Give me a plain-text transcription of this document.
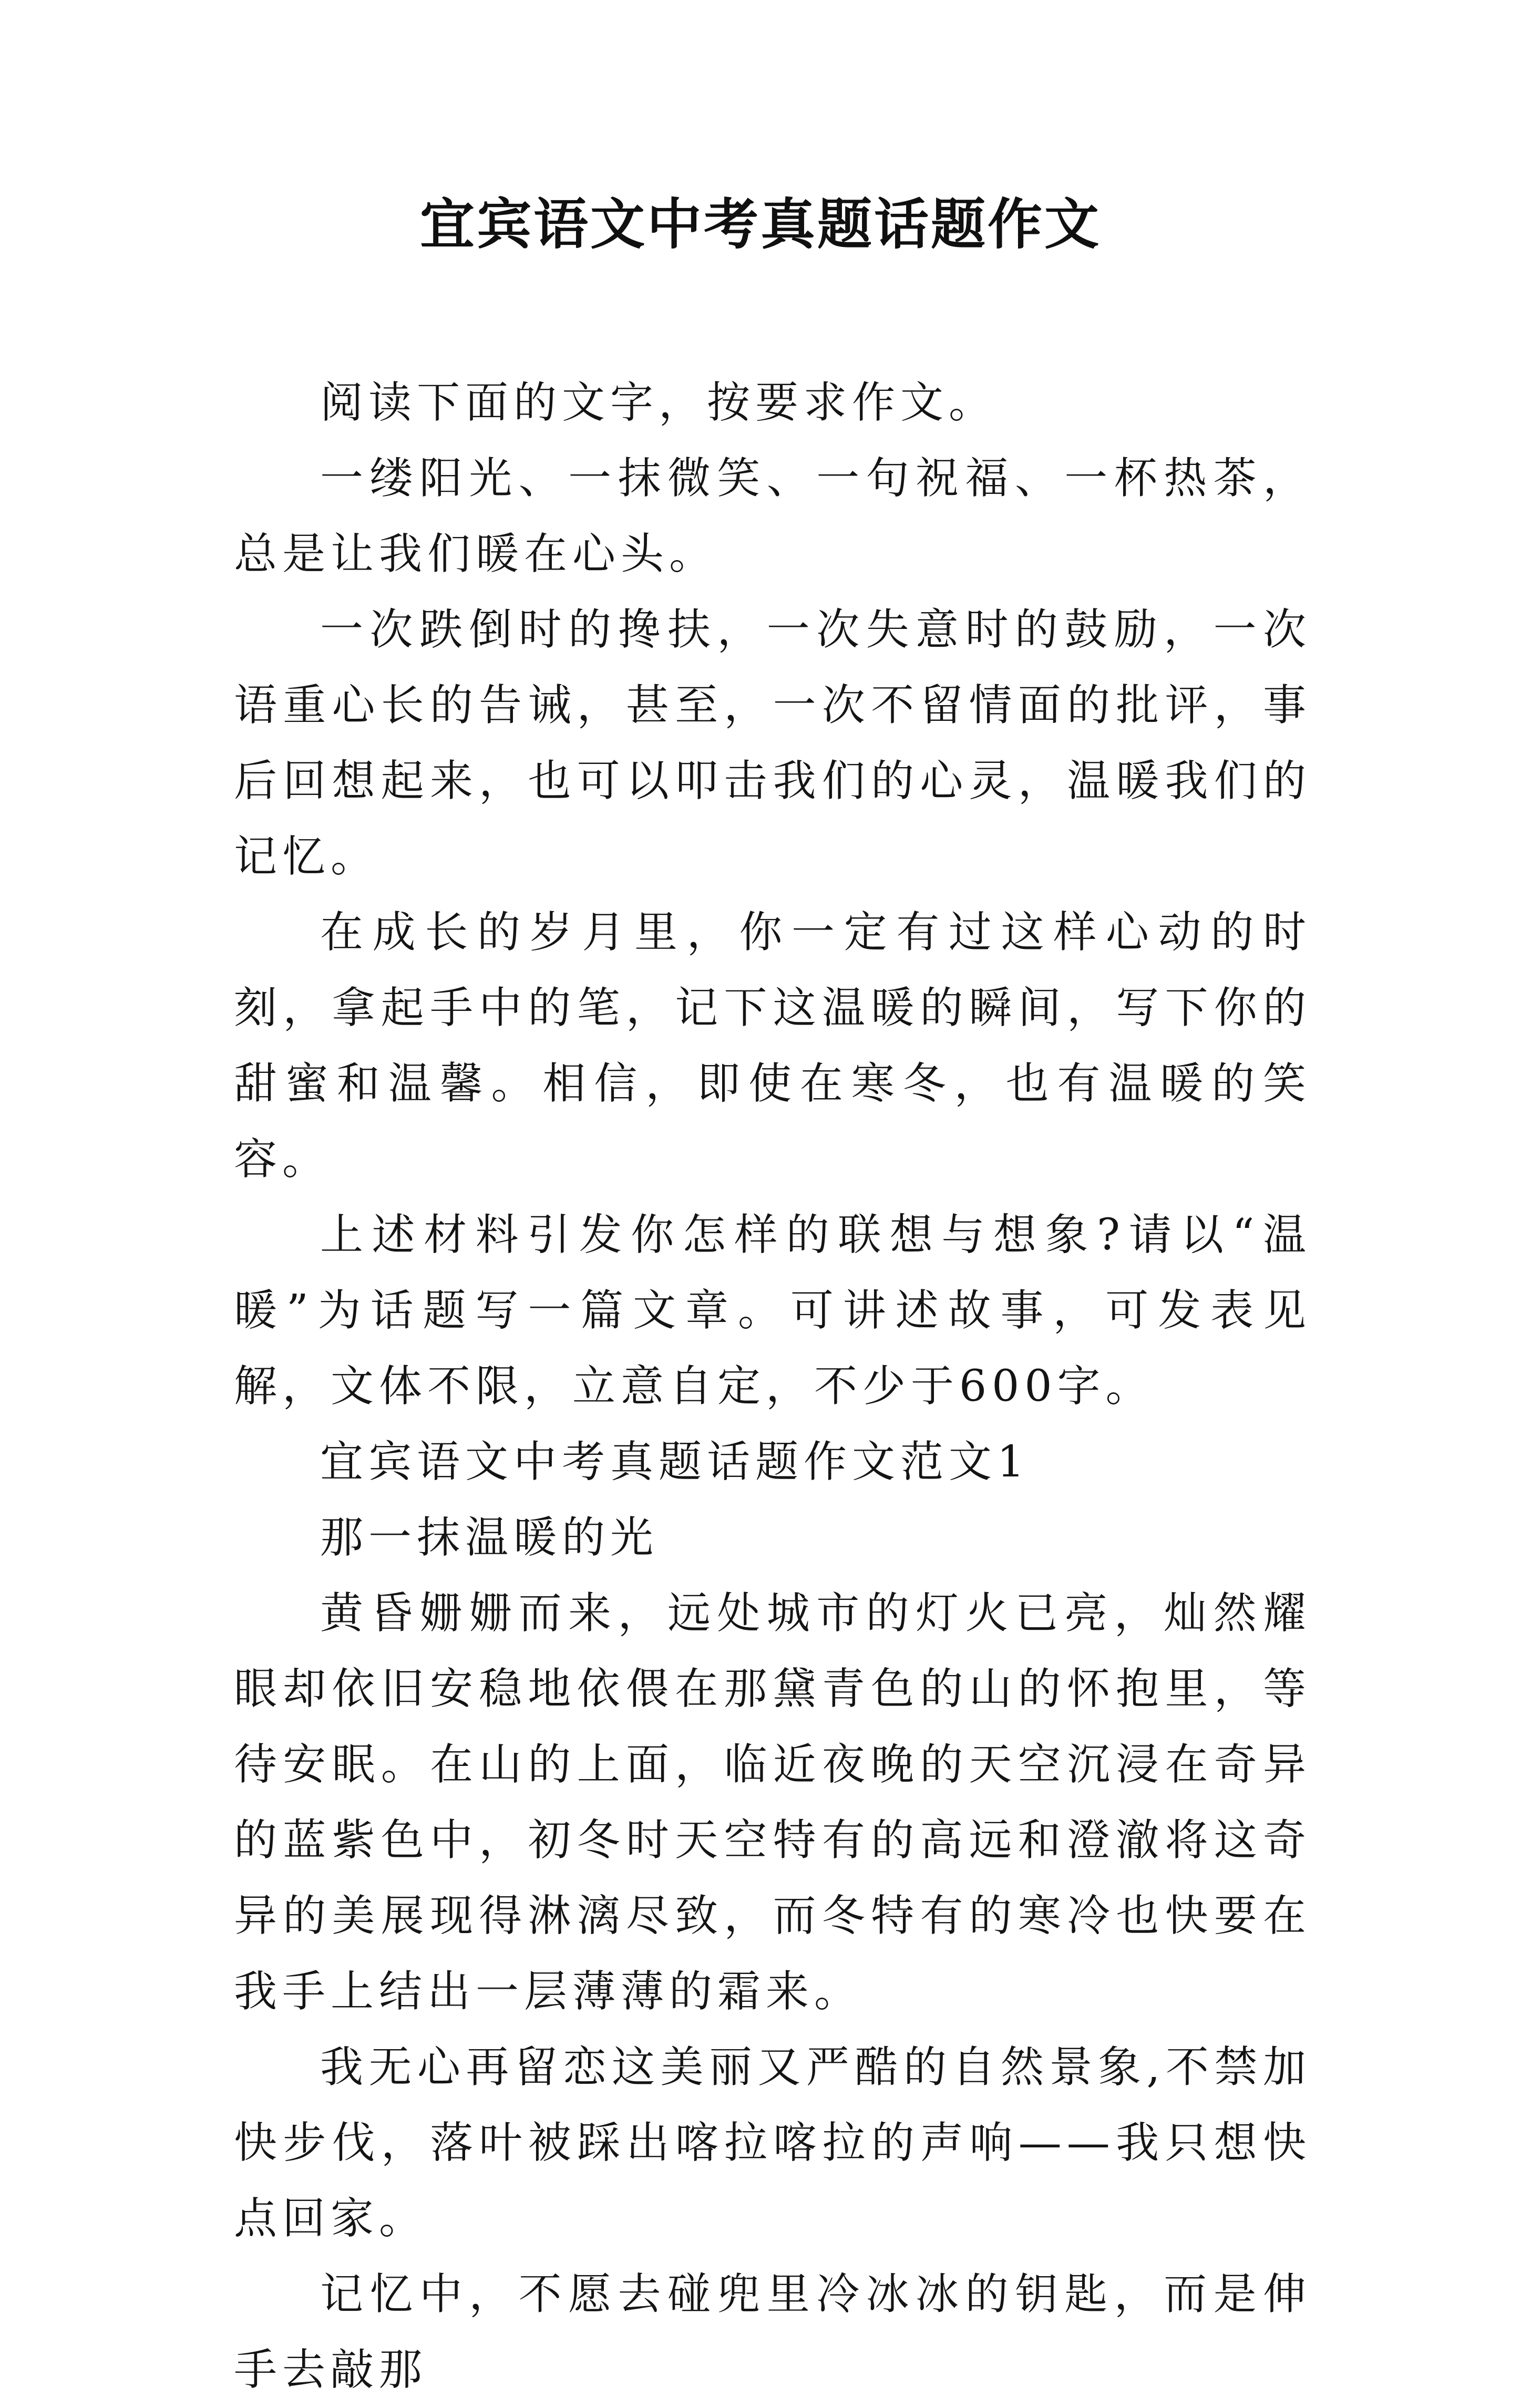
宜宾语文中考真题话题作文

阅读下面的文字，按要求作文。

一缕阳光、一抹微笑、一句祝福、一杯热茶，总是让我们暖在心头。

一次跌倒时的搀扶，一次失意时的鼓励，一次语重心长的告诫，甚至，一次不留情面的批评，事后回想起来，也可以叩击我们的心灵，温暖我们的记忆。

在成长的岁月里，你一定有过这样心动的时刻，拿起手中的笔，记下这温暖的瞬间，写下你的甜蜜和温馨。相信，即使在寒冬，也有温暖的笑容。

上述材料引发你怎样的联想与想象?请以“温暖”为话题写一篇文章。可讲述故事，可发表见解，文体不限，立意自定，不少于600字。

宜宾语文中考真题话题作文范文1

那一抹温暖的光

黄昏姗姗而来，远处城市的灯火已亮，灿然耀眼却依旧安稳地依偎在那黛青色的山的怀抱里，等待安眠。在山的上面，临近夜晚的天空沉浸在奇异的蓝紫色中，初冬时天空特有的高远和澄澈将这奇异的美展现得淋漓尽致，而冬特有的寒冷也快要在我手上结出一层薄薄的霜来。

我无心再留恋这美丽又严酷的自然景象,不禁加快步伐，落叶被踩出喀拉喀拉的声响——我只想快点回家。

记忆中，不愿去碰兜里冷冰冰的钥匙，而是伸手去敲那
